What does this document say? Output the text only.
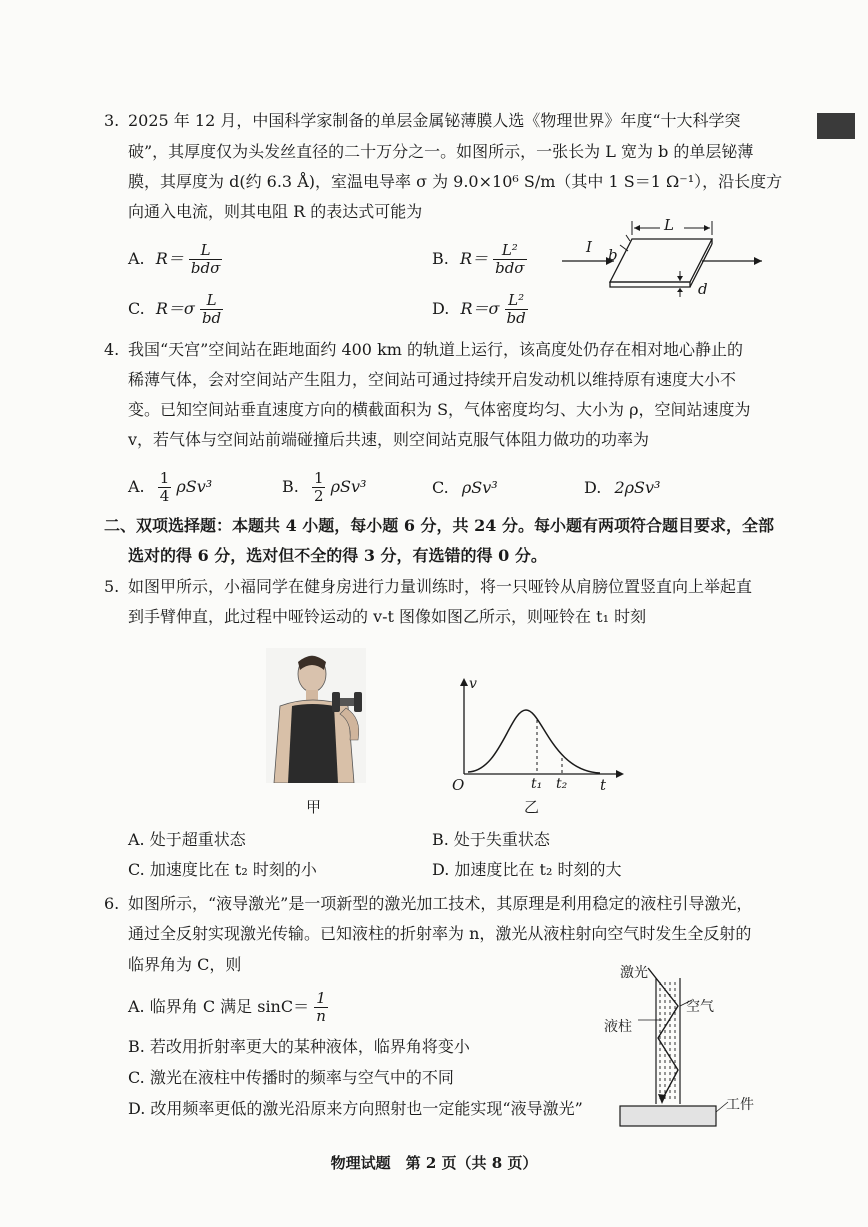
3. 2025 年 12 月，中国科学家制备的单层金属铋薄膜人选《物理世界》年度“十大科学突
破”，其厚度仅为头发丝直径的二十万分之一。如图所示，一张长为 L 宽为 b 的单层铋薄
膜，其厚度为 d(约 6.3 Å)，室温电导率 σ 为 9.0×10⁶ S/m（其中 1 S＝1 Ω⁻¹），沿长度方
向通入电流，则其电阻 R 的表达式可能为
A. $R= \frac{L}{\text{bdσ}}$	B. $R= \frac{\text{L²}}{\text{bdσ}}$
C. $R=\sigma \frac{L}{bd}$	D. $R=\sigma \frac{\text{L²}}{bd}$
I
L
b
d
4. 我国“天宫”空间站在距地面约 400 km 的轨道上运行，该高度处仍存在相对地心静止的
稀薄气体，会对空间站产生阻力，空间站可通过持续开启发动机以维持原有速度大小不
变。已知空间站垂直速度方向的横截面积为 S，气体密度均匀、大小为 ρ，空间站速度为
v，若气体与空间站前端碰撞后共速，则空间站克服气体阻力做功的功率为
A. $\frac{1}{4} \rho Sv^3$	B. $\frac{1}{2} \rho Sv^3$	C. ρSv³	D. 2ρSv³
二、双项选择题：本题共 4 小题，每小题 6 分，共 24 分。每小题有两项符合题目要求，全部
选对的得 6 分，选对但不全的得 3 分，有选错的得 0 分。
5. 如图甲所示，小福同学在健身房进行力量训练时，将一只哑铃从肩膀位置竖直向上举起直
到手臂伸直，此过程中哑铃运动的 v-t 图像如图乙所示，则哑铃在 t₁ 时刻
甲
v
O	t₁ t₂ t
乙
A. 处于超重状态	B. 处于失重状态
C. 加速度比在 t₂ 时刻的小	D. 加速度比在 t₂ 时刻的大
6. 如图所示，“液导激光”是一项新型的激光加工技术，其原理是利用稳定的液柱引导激光，
通过全反射实现激光传输。已知液柱的折射率为 n，激光从液柱射向空气时发生全反射的
临界角为 C，则
A. 临界角 C 满足 $\sin C= \frac{1}{n}$
B. 若改用折射率更大的某种液体，临界角将变小
C. 激光在液柱中传播时的频率与空气中的不同
D. 改用频率更低的激光沿原来方向照射也一定能实现“液导激光”
激光
空气
液柱
工件
物理试题　第 2 页（共 8 页）
